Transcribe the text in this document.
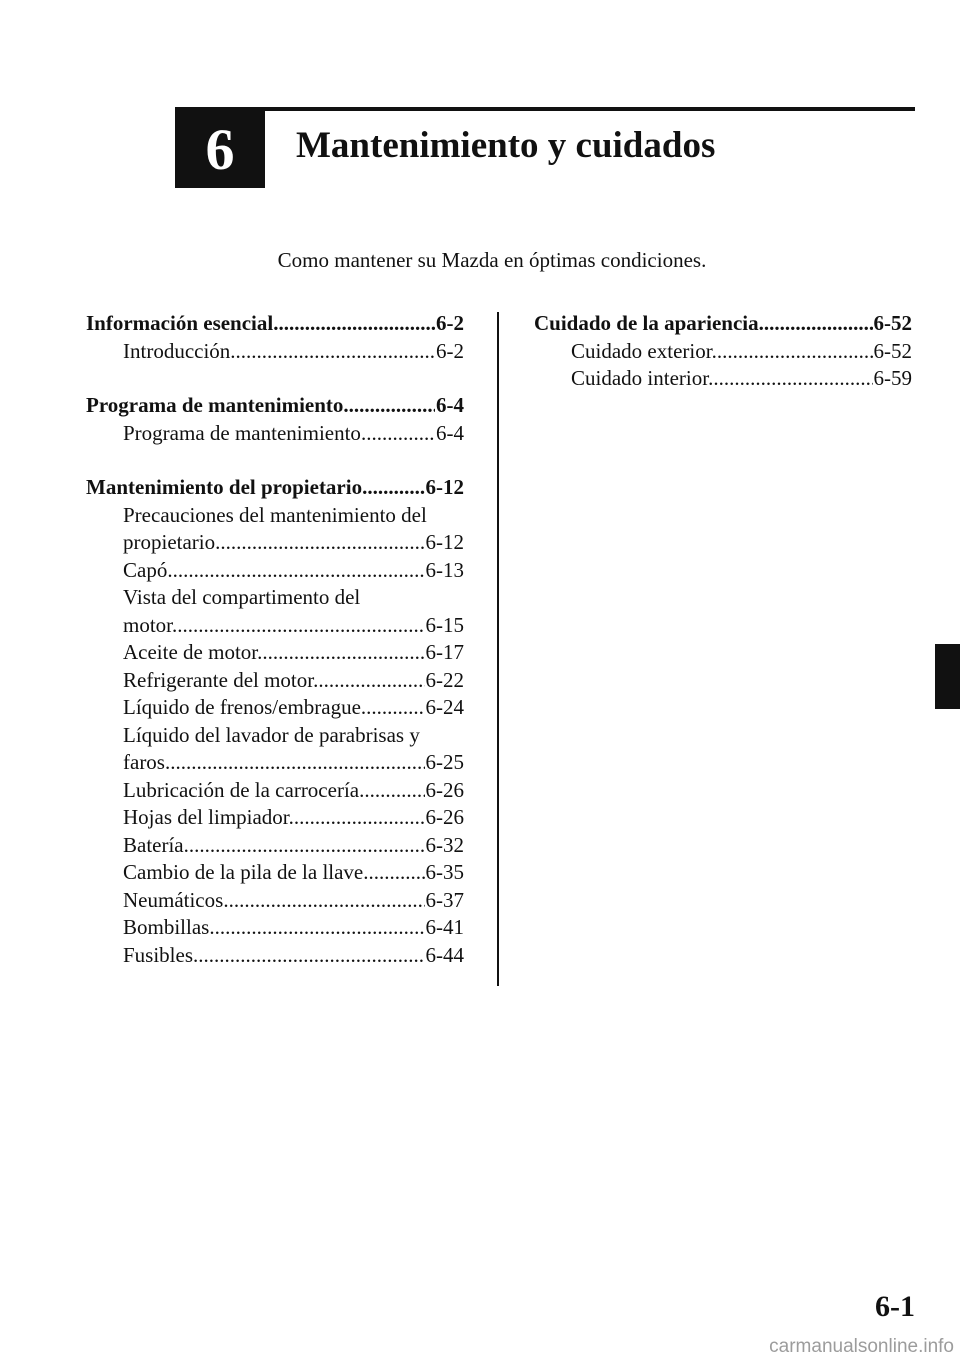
6 Mantenimiento y cuidados
Como mantener su Mazda en óptimas condiciones.
Información esencial .....	6-2
Introducción .....	6-2
Programa de mantenimiento .....	6-4
Programa de mantenimiento .....	6-4
Mantenimiento del propietario .....	6-12
Precauciones del mantenimiento del
propietario .....	6-12
Capó .....	6-13
Vista del compartimento del
motor .....	6-15
Aceite de motor .....	6-17
Refrigerante del motor .....	6-22
Líquido de frenos/embrague .....	6-24
Líquido del lavador de parabrisas y
faros .....	6-25
Lubricación de la carrocería .....	6-26
Hojas del limpiador .....	6-26
Batería .....	6-32
Cambio de la pila de la llave .....	6-35
Neumáticos .....	6-37
Bombillas .....	6-41
Fusibles .....	6-44
Cuidado de la apariencia .....	6-52
Cuidado exterior .....	6-52
Cuidado interior .....	6-59
6-1
carmanualsonline.info
